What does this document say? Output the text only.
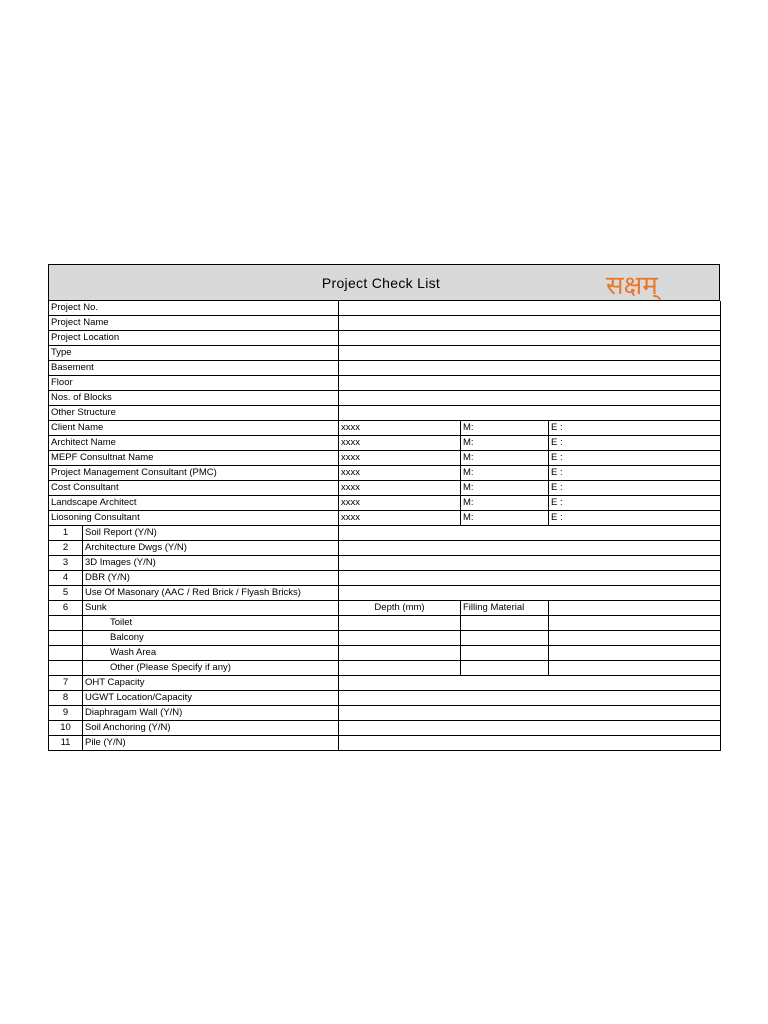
Project Check List	सक्षम्
Project No.				
Project Name				
Project Location				
Type				
Basement				
Floor				
Nos. of Blocks				
Other Structure				
Client Name		xxxx	M:	E :
Architect Name		xxxx	M:	E :
MEPF Consultnat Name		xxxx	M:	E :
Project Management Consultant (PMC)		xxxx	M:	E :
Cost Consultant		xxxx	M:	E :
Landscape Architect		xxxx	M:	E :
Liosoning Consultant		xxxx	M:	E :
1	Soil Report (Y/N)			
2	Architecture Dwgs (Y/N)			
3	3D Images (Y/N)			
4	DBR (Y/N)			
5	Use Of Masonary (AAC / Red Brick / Flyash Bricks)			
6	Sunk	Depth (mm)	Filling Material	
	Toilet			
	Balcony			
	Wash Area			
	Other (Please Specify if any)			
7	OHT Capacity			
8	UGWT Location/Capacity			
9	Diaphragam Wall (Y/N)			
10	Soil Anchoring (Y/N)			
11	Pile (Y/N)			
